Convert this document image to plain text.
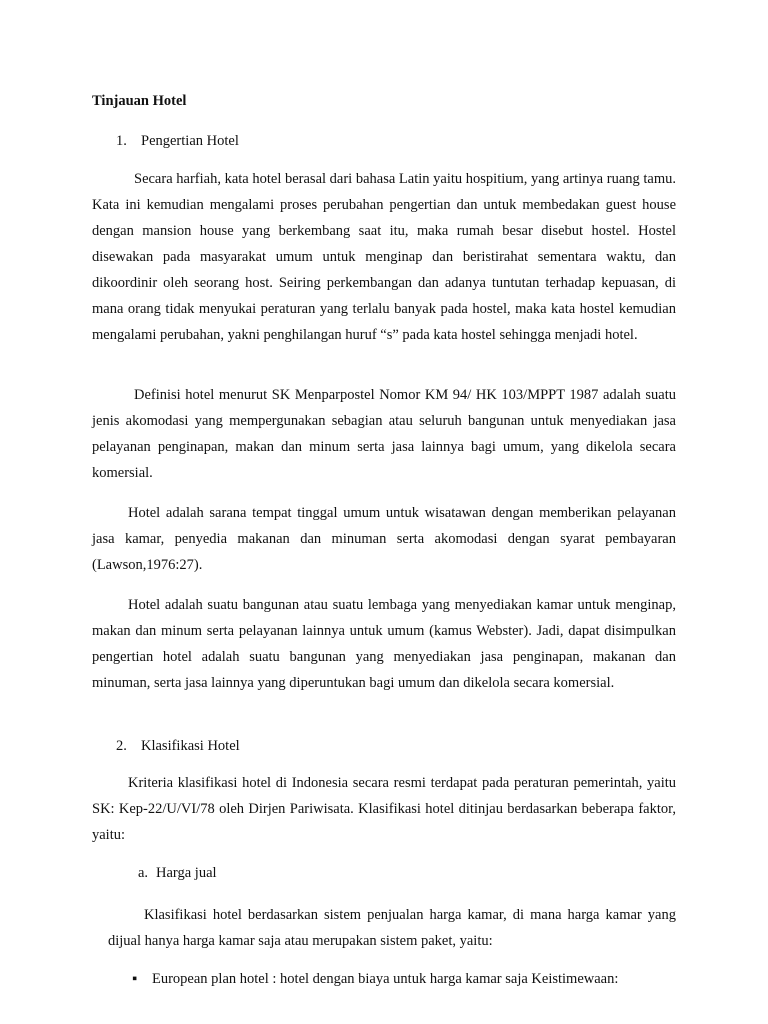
Tinjauan Hotel
1. Pengertian Hotel

Secara harfiah, kata hotel berasal dari bahasa Latin yaitu hospitium, yang artinya ruang tamu. Kata ini kemudian mengalami proses perubahan pengertian dan untuk membedakan guest house dengan mansion house yang berkembang saat itu, maka rumah besar disebut hostel. Hostel disewakan pada masyarakat umum untuk menginap dan beristirahat sementara waktu, dan dikoordinir oleh seorang host. Seiring perkembangan dan adanya tuntutan terhadap kepuasan, di mana orang tidak menyukai peraturan yang terlalu banyak pada hostel, maka kata hostel kemudian mengalami perubahan, yakni penghilangan huruf “s” pada kata hostel sehingga menjadi hotel.

Definisi hotel menurut SK Menparpostel Nomor KM 94/ HK 103/MPPT 1987 adalah suatu jenis akomodasi yang mempergunakan sebagian atau seluruh bangunan untuk menyediakan jasa pelayanan penginapan, makan dan minum serta jasa lainnya bagi umum, yang dikelola secara komersial.

Hotel adalah sarana tempat tinggal umum untuk wisatawan dengan memberikan pelayanan jasa kamar, penyedia makanan dan minuman serta akomodasi dengan syarat pembayaran (Lawson,1976:27).

Hotel adalah suatu bangunan atau suatu lembaga yang menyediakan kamar untuk menginap, makan dan minum serta pelayanan lainnya untuk umum (kamus Webster). Jadi, dapat disimpulkan pengertian hotel adalah suatu bangunan yang menyediakan jasa penginapan, makanan dan minuman, serta jasa lainnya yang diperuntukan bagi umum dan dikelola secara komersial.

2. Klasifikasi Hotel

Kriteria klasifikasi hotel di Indonesia secara resmi terdapat pada peraturan pemerintah, yaitu SK: Kep-22/U/VI/78 oleh Dirjen Pariwisata. Klasifikasi hotel ditinjau berdasarkan beberapa faktor, yaitu:

a. Harga jual

Klasifikasi hotel berdasarkan sistem penjualan harga kamar, di mana harga kamar yang dijual hanya harga kamar saja atau merupakan sistem paket, yaitu:

▪ European plan hotel : hotel dengan biaya untuk harga kamar saja Keistimewaan:
